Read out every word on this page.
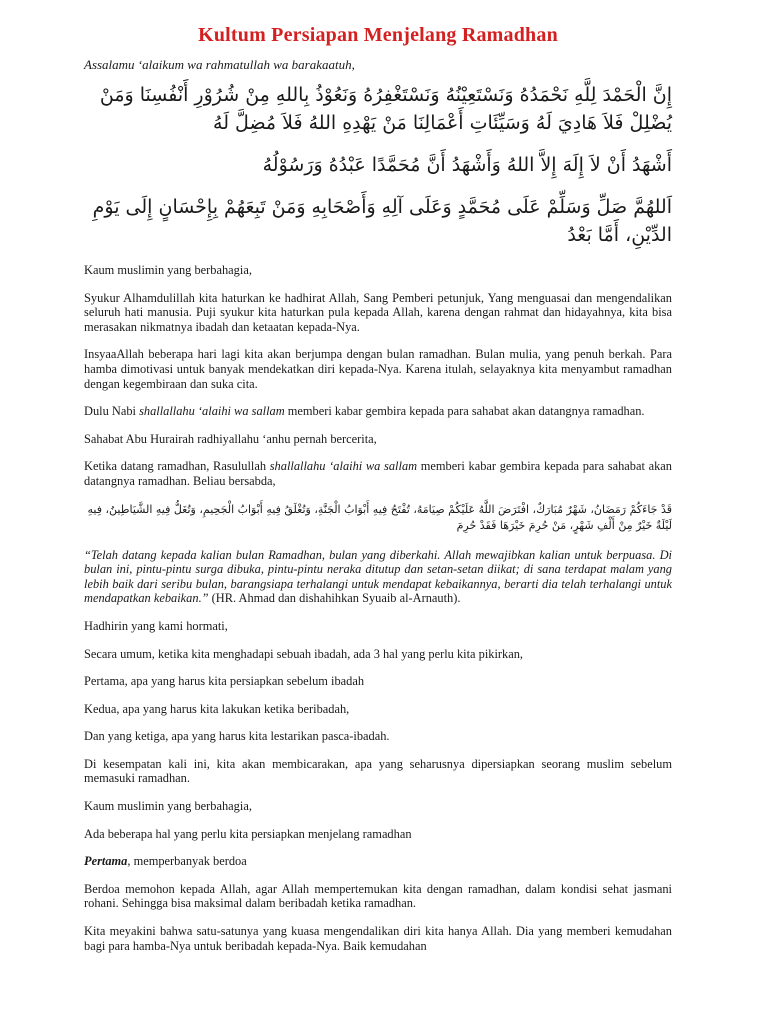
Kultum Persiapan Menjelang Ramadhan
Assalamu ‘alaikum wa rahmatullah wa barakaatuh,
إِنَّ الْحَمْدَ لِلَّهِ نَحْمَدُهُ وَنَسْتَعِيْنُهُ وَنَسْتَغْفِرُهُ وَنَعُوْذُ بِاللهِ مِنْ شُرُوْرِ أَنْفُسِنَا وَمَنْ يُضْلِلْ فَلاَ هَادِيَ لَهُ وَسَيِّئَاتِ أَعْمَالِنَا مَنْ يَهْدِهِ اللهُ فَلاَ مُضِلَّ لَهُ
أَشْهَدُ أَنْ لاَ إِلَهَ إِلاَّ اللهُ وَأَشْهَدُ أَنَّ مُحَمَّدًا عَبْدُهُ وَرَسُوْلُهُ
اَللهُمَّ صَلِّ وَسَلِّمْ عَلَى مُحَمَّدٍ وَعَلَى آلِهِ وَأَصْحَابِهِ وَمَنْ تَبِعَهُمْ بِإِحْسَانٍ إِلَى يَوْمِ الدِّيْنِ، أَمَّا بَعْدُ

Kaum muslimin yang berbahagia,

Syukur Alhamdulillah kita haturkan ke hadhirat Allah, Sang Pemberi petunjuk, Yang menguasai dan mengendalikan seluruh hati manusia. Puji syukur kita haturkan pula kepada Allah, karena dengan rahmat dan hidayahnya, kita bisa merasakan nikmatnya ibadah dan ketaatan kepada-Nya.

InsyaaAllah beberapa hari lagi kita akan berjumpa dengan bulan ramadhan. Bulan mulia, yang penuh berkah. Para hamba dimotivasi untuk banyak mendekatkan diri kepada-Nya. Karena itulah, selayaknya kita menyambut ramadhan dengan kegembiraan dan suka cita.

Dulu Nabi shallallahu ‘alaihi wa sallam memberi kabar gembira kepada para sahabat akan datangnya ramadhan.

Sahabat Abu Hurairah radhiyallahu ‘anhu pernah bercerita,

Ketika datang ramadhan, Rasulullah shallallahu ‘alaihi wa sallam memberi kabar gembira kepada para sahabat akan datangnya ramadhan. Beliau bersabda,

قَدْ جَاءَكُمْ رَمَضَانُ، شَهْرٌ مُبَارَكٌ، افْتَرَضَ اللَّهُ عَلَيْكُمْ صِيَامَهُ، تُفْتَحُ فِيهِ أَبْوَابُ الْجَنَّةِ، وَتُغْلَقُ فِيهِ أَبْوَابُ الْجَحِيمِ، وَتُغَلُّ فِيهِ الشَّيَاطِينُ، فِيهِ لَيْلَةٌ خَيْرٌ مِنْ أَلْفِ شَهْرٍ، مَنْ حُرِمَ خَيْرَهَا فَقَدْ حُرِمَ

“Telah datang kepada kalian bulan Ramadhan, bulan yang diberkahi. Allah mewajibkan kalian untuk berpuasa. Di bulan ini, pintu-pintu surga dibuka, pintu-pintu neraka ditutup dan setan-setan diikat; di sana terdapat malam yang lebih baik dari seribu bulan, barangsiapa terhalangi untuk mendapat kebaikannya, berarti dia telah terhalangi untuk mendapatkan kebaikan.” (HR. Ahmad dan dishahihkan Syuaib al-Arnauth).

Hadhirin yang kami hormati,

Secara umum, ketika kita menghadapi sebuah ibadah, ada 3 hal yang perlu kita pikirkan,

Pertama, apa yang harus kita persiapkan sebelum ibadah

Kedua, apa yang harus kita lakukan ketika beribadah,

Dan yang ketiga, apa yang harus kita lestarikan pasca-ibadah.

Di kesempatan kali ini, kita akan membicarakan, apa yang seharusnya dipersiapkan seorang muslim sebelum memasuki ramadhan.

Kaum muslimin yang berbahagia,

Ada beberapa hal yang perlu kita persiapkan menjelang ramadhan

Pertama, memperbanyak berdoa

Berdoa memohon kepada Allah, agar Allah mempertemukan kita dengan ramadhan, dalam kondisi sehat jasmani rohani. Sehingga bisa maksimal dalam beribadah ketika ramadhan.

Kita meyakini bahwa satu-satunya yang kuasa mengendalikan diri kita hanya Allah. Dia yang memberi kemudahan bagi para hamba-Nya untuk beribadah kepada-Nya. Baik kemudahan
